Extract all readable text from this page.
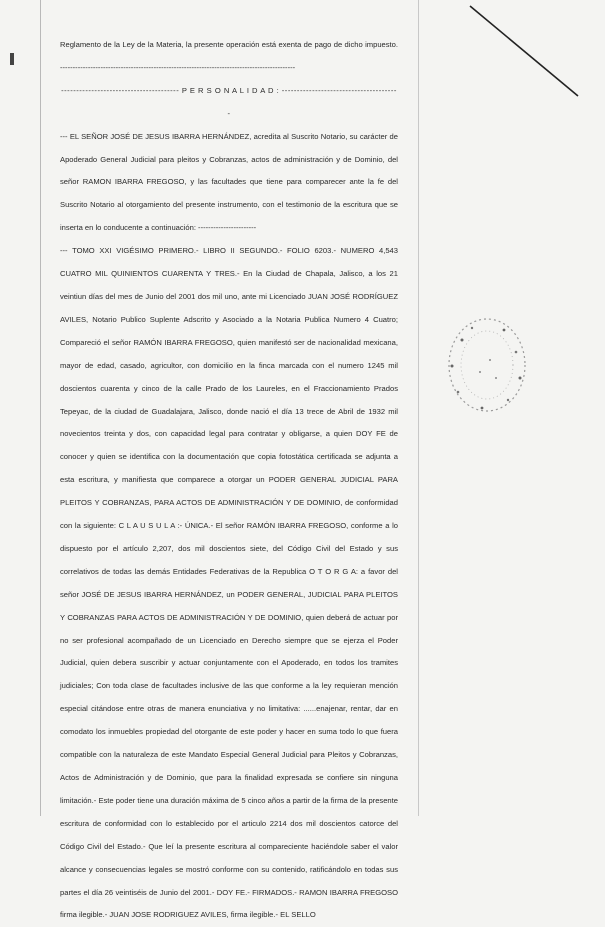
Reglamento de la Ley de la Materia, la presente operación está exenta de pago de dicho impuesto. ---------------------------------------------------------------------------------------------

--------------------------------------- P E R S O N A L I D A D : ---------------------------------------

--- EL SEÑOR JOSÉ DE JESUS IBARRA HERNÁNDEZ, acredita al Suscrito Notario, su carácter de Apoderado General Judicial para pleitos y Cobranzas, actos de administración y de Dominio, del señor RAMON IBARRA FREGOSO, y las facultades que tiene para comparecer ante la fe del Suscrito Notario al otorgamiento del presente instrumento, con el testimonio de la escritura que se inserta en lo conducente a continuación: -----------------------

--- TOMO XXI VIGÉSIMO PRIMERO.- LIBRO II SEGUNDO.- FOLIO 6203.- NUMERO 4,543 CUATRO MIL QUINIENTOS CUARENTA Y TRES.- En la Ciudad de Chapala, Jalisco, a los 21 veintiun días del mes de Junio del 2001 dos mil uno, ante mi Licenciado JUAN JOSÉ RODRÍGUEZ AVILES, Notario Publico Suplente Adscrito y Asociado a la Notaria Publica Numero 4 Cuatro; Compareció el señor RAMÓN IBARRA FREGOSO, quien manifestó ser de nacionalidad mexicana, mayor de edad, casado, agricultor, con domicilio en la finca marcada con el numero 1245 mil doscientos cuarenta y cinco de la calle Prado de los Laureles, en el Fraccionamiento Prados Tepeyac, de la ciudad de Guadalajara, Jalisco, donde nació el día 13 trece de Abril de 1932 mil novecientos treinta y dos, con capacidad legal para contratar y obligarse, a quien DOY FE de conocer y quien se identifica con la documentación que copia fotostática certificada se adjunta a esta escritura, y manifiesta que comparece a otorgar un PODER GENERAL JUDICIAL PARA PLEITOS Y COBRANZAS, PARA ACTOS DE ADMINISTRACIÓN Y DE DOMINIO, de conformidad con la siguiente: C L A U S U L A :- ÚNICA.- El señor RAMÓN IBARRA FREGOSO, conforme a lo dispuesto por el artículo 2,207, dos mil doscientos siete, del Código Civil del Estado y sus correlativos de todas las demás Entidades Federativas de la Republica O T O R G A: a favor del señor JOSÉ DE JESUS IBARRA HERNÁNDEZ, un PODER GENERAL, JUDICIAL PARA PLEITOS Y COBRANZAS PARA ACTOS DE ADMINISTRACIÓN Y DE DOMINIO, quien deberá de actuar por no ser profesional acompañado de un Licenciado en Derecho siempre que se ejerza el Poder Judicial, quien debera suscribir y actuar conjuntamente con el Apoderado, en todos los tramites judiciales; Con toda clase de facultades inclusive de las que conforme a la ley requieran mención especial citándose entre otras de manera enunciativa y no limitativa: ......enajenar, rentar, dar en comodato los inmuebles propiedad del otorgante de este poder y hacer en suma todo lo que fuera compatible con la naturaleza de este Mandato Especial General Judicial para Pleitos y Cobranzas, Actos de Administración y de Dominio, que para la finalidad expresada se confiere sin ninguna limitación.- Este poder tiene una duración máxima de 5 cinco años a partir de la firma de la presente escritura de conformidad con lo establecido por el articulo 2214 dos mil doscientos catorce del Código Civil del Estado.- Que leí la presente escritura al compareciente haciéndole saber el valor alcance y consecuencias legales se mostró conforme con su contenido, ratificándolo en todas sus partes el día 26 veintiséis de Junio del 2001.- DOY FE.- FIRMADOS.- RAMON IBARRA FREGOSO firma ilegible.- JUAN JOSE RODRIGUEZ AVILES, firma ilegible.- EL SELLO
